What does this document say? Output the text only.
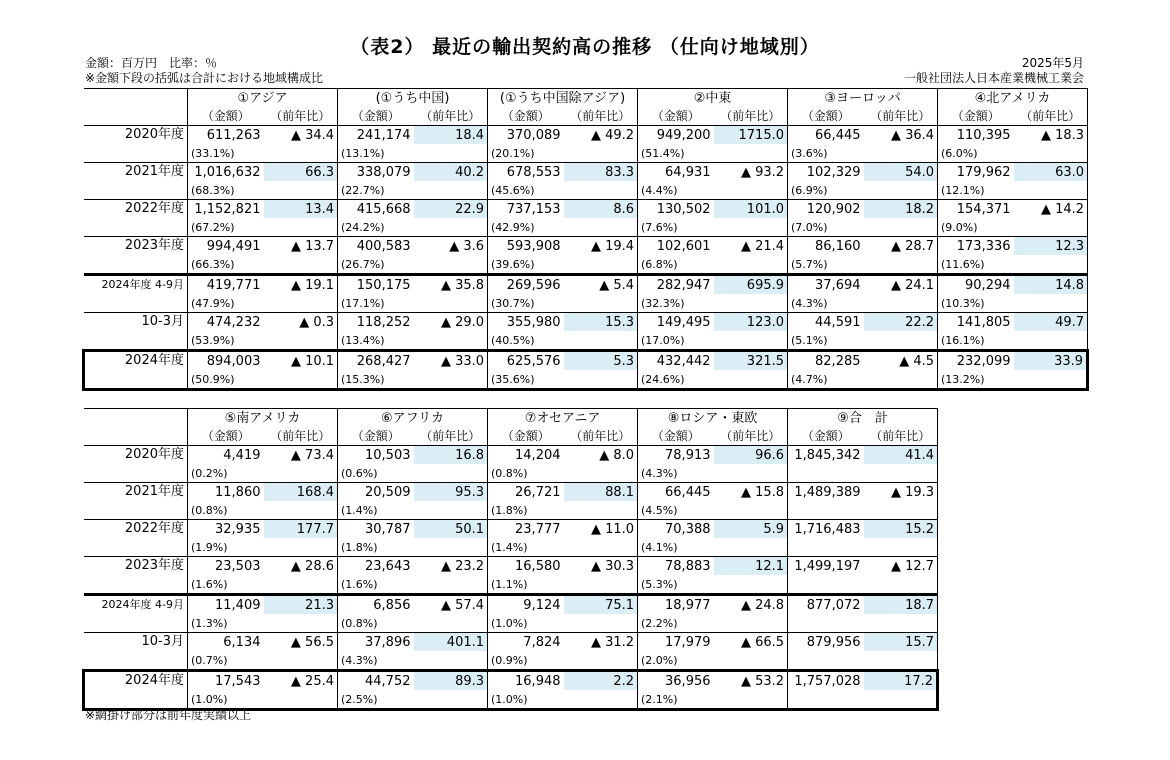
（表2） 最近の輸出契約高の推移 （仕向け地域別）
金額：百万円　比率：％	2025年5月
※金額下段の括弧は合計における地域構成比	一般社団法人日本産業機械工業会
	①アジア		(①うち中国)		(①うち中国除アジア)		②中東		③ヨーロッパ		④北アメリカ	
	（金額）	（前年比）	（金額）	（前年比）	（金額）	（前年比）	（金額）	（前年比）	（金額）	（前年比）	（金額）	（前年比）
2020年度	611,263	▲ 34.4	241,174	18.4	370,089	▲ 49.2	949,200	1715.0	66,445	▲ 36.4	110,395	▲ 18.3
	(33.1%)		(13.1%)		(20.1%)		(51.4%)		(3.6%)		(6.0%)	
2021年度	1,016,632	66.3	338,079	40.2	678,553	83.3	64,931	▲ 93.2	102,329	54.0	179,962	63.0
	(68.3%)		(22.7%)		(45.6%)		(4.4%)		(6.9%)		(12.1%)	
2022年度	1,152,821	13.4	415,668	22.9	737,153	8.6	130,502	101.0	120,902	18.2	154,371	▲ 14.2
	(67.2%)		(24.2%)		(42.9%)		(7.6%)		(7.0%)		(9.0%)	
2023年度	994,491	▲ 13.7	400,583	▲ 3.6	593,908	▲ 19.4	102,601	▲ 21.4	86,160	▲ 28.7	173,336	12.3
	(66.3%)		(26.7%)		(39.6%)		(6.8%)		(5.7%)		(11.6%)	
2024年度 4-9月	419,771	▲ 19.1	150,175	▲ 35.8	269,596	▲ 5.4	282,947	695.9	37,694	▲ 24.1	90,294	14.8
	(47.9%)		(17.1%)		(30.7%)		(32.3%)		(4.3%)		(10.3%)	
10-3月	474,232	▲ 0.3	118,252	▲ 29.0	355,980	15.3	149,495	123.0	44,591	22.2	141,805	49.7
	(53.9%)		(13.4%)		(40.5%)		(17.0%)		(5.1%)		(16.1%)	
2024年度	894,003	▲ 10.1	268,427	▲ 33.0	625,576	5.3	432,442	321.5	82,285	▲ 4.5	232,099	33.9
	(50.9%)		(15.3%)		(35.6%)		(24.6%)		(4.7%)		(13.2%)	
	⑤南アメリカ		⑥アフリカ		⑦オセアニア		⑧ロシア・東欧		⑨合　計	
	（金額）	（前年比）	（金額）	（前年比）	（金額）	（前年比）	（金額）	（前年比）	（金額）	（前年比）
2020年度	4,419	▲ 73.4	10,503	16.8	14,204	▲ 8.0	78,913	96.6	1,845,342	41.4
	(0.2%)		(0.6%)		(0.8%)		(4.3%)			
2021年度	11,860	168.4	20,509	95.3	26,721	88.1	66,445	▲ 15.8	1,489,389	▲ 19.3
	(0.8%)		(1.4%)		(1.8%)		(4.5%)			
2022年度	32,935	177.7	30,787	50.1	23,777	▲ 11.0	70,388	5.9	1,716,483	15.2
	(1.9%)		(1.8%)		(1.4%)		(4.1%)			
2023年度	23,503	▲ 28.6	23,643	▲ 23.2	16,580	▲ 30.3	78,883	12.1	1,499,197	▲ 12.7
	(1.6%)		(1.6%)		(1.1%)		(5.3%)			
2024年度 4-9月	11,409	21.3	6,856	▲ 57.4	9,124	75.1	18,977	▲ 24.8	877,072	18.7
	(1.3%)		(0.8%)		(1.0%)		(2.2%)			
10-3月	6,134	▲ 56.5	37,896	401.1	7,824	▲ 31.2	17,979	▲ 66.5	879,956	15.7
	(0.7%)		(4.3%)		(0.9%)		(2.0%)			
2024年度	17,543	▲ 25.4	44,752	89.3	16,948	2.2	36,956	▲ 53.2	1,757,028	17.2
	(1.0%)		(2.5%)		(1.0%)		(2.1%)			
※網掛け部分は前年度実績以上
